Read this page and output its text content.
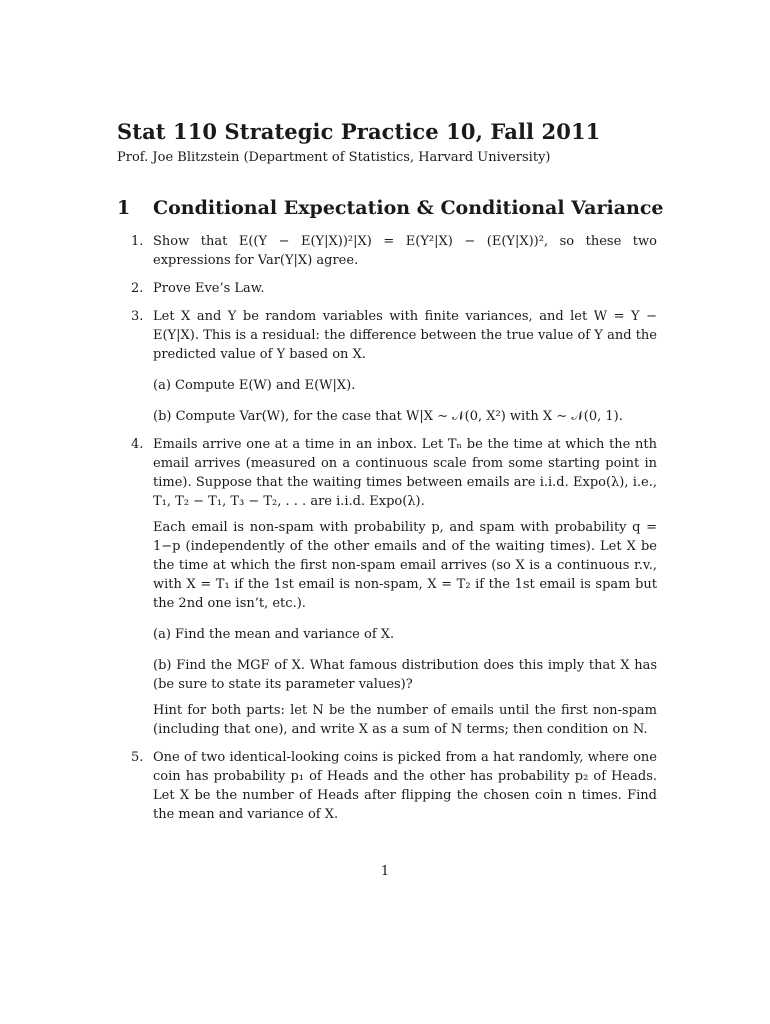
Stat 110 Strategic Practice 10, Fall 2011
Prof. Joe Blitzstein (Department of Statistics, Harvard University)
1 Conditional Expectation & Conditional Variance
1. Show that E((Y − E(Y|X))²|X) = E(Y²|X) − (E(Y|X))², so these two expressions for Var(Y|X) agree.
2. Prove Eve’s Law.
3. Let X and Y be random variables with finite variances, and let W = Y − E(Y|X). This is a residual: the difference between the true value of Y and the predicted value of Y based on X.
(a) Compute E(W) and E(W|X).
(b) Compute Var(W), for the case that W|X ∼ 𝒩(0, X²) with X ∼ 𝒩(0, 1).
4. Emails arrive one at a time in an inbox. Let Tₙ be the time at which the nth email arrives (measured on a continuous scale from some starting point in time). Suppose that the waiting times between emails are i.i.d. Expo(λ), i.e., T₁, T₂ − T₁, T₃ − T₂, . . . are i.i.d. Expo(λ).
Each email is non-spam with probability p, and spam with probability q = 1−p (independently of the other emails and of the waiting times). Let X be the time at which the first non-spam email arrives (so X is a continuous r.v., with X = T₁ if the 1st email is non-spam, X = T₂ if the 1st email is spam but the 2nd one isn’t, etc.).
(a) Find the mean and variance of X.
(b) Find the MGF of X. What famous distribution does this imply that X has (be sure to state its parameter values)?
Hint for both parts: let N be the number of emails until the first non-spam (including that one), and write X as a sum of N terms; then condition on N.
5. One of two identical-looking coins is picked from a hat randomly, where one coin has probability p₁ of Heads and the other has probability p₂ of Heads. Let X be the number of Heads after flipping the chosen coin n times. Find the mean and variance of X.
1
